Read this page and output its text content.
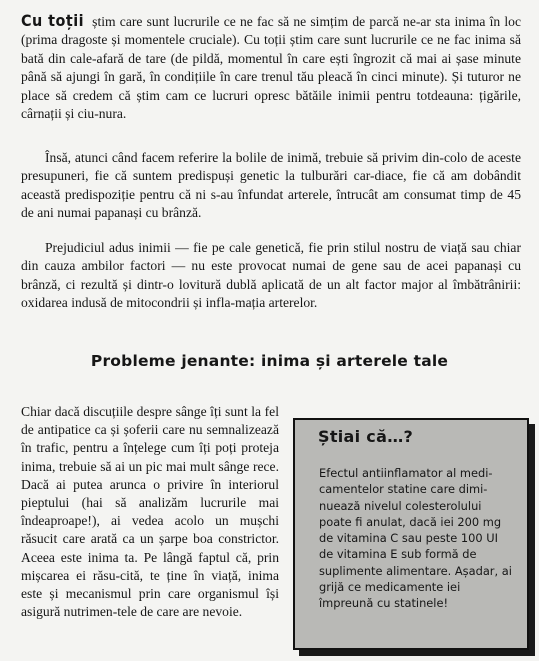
Cu toții știm care sunt lucrurile ce ne fac să ne simțim de parcă ne-ar sta inima în loc (prima dragoste și momentele cruciale). Cu toții știm care sunt lucrurile ce ne fac inima să bată din cale-afară de tare (de pildă, momentul în care ești îngrozit că mai ai șase minute până să ajungi în gară, în condițiile în care trenul tău pleacă în cinci minute). Și tuturor ne place să credem că știm cam ce lucruri opresc bătăile inimii pentru totdeauna: țigările, cârnații și ciu-nura.

Însă, atunci când facem referire la bolile de inimă, trebuie să privim din-colo de aceste presupuneri, fie că suntem predispuși genetic la tulburări car-diace, fie că am dobândit această predispoziție pentru că ni s-au înfundat arterele, întrucât am consumat timp de 45 de ani numai papanași cu brânză.

Prejudiciul adus inimii — fie pe cale genetică, fie prin stilul nostru de viață sau chiar din cauza ambilor factori — nu este provocat numai de gene sau de acei papanași cu brânză, ci rezultă și dintr-o lovitură dublă aplicată de un alt factor major al îmbătrânirii: oxidarea indusă de mitocondrii și infla-mația arterelor.

Probleme jenante: inima și arterele tale

Chiar dacă discuțiile despre sânge îți sunt la fel de antipatice ca și șoferii care nu semnalizează în trafic, pentru a înțelege cum îți poți proteja inima, trebuie să ai un pic mai mult sânge rece. Dacă ai putea arunca o privire în interiorul pieptului (hai să analizăm lucrurile mai îndeaproape!), ai vedea acolo un mușchi răsucit care arată ca un șarpe boa constrictor. Aceea este inima ta. Pe lângă faptul că, prin mișcarea ei răsu-cită, te ține în viață, inima este și mecanismul prin care organismul își asigură nutrimen-tele de care are nevoie.

Știai că…?

Efectul antiinflamator al medi-camentelor statine care dimi-nuează nivelul colesterolului poate fi anulat, dacă iei 200 mg de vitamina C sau peste 100 UI de vitamina E sub formă de suplimente alimentare. Așadar, ai grijă ce medicamente iei împreună cu statinele!
